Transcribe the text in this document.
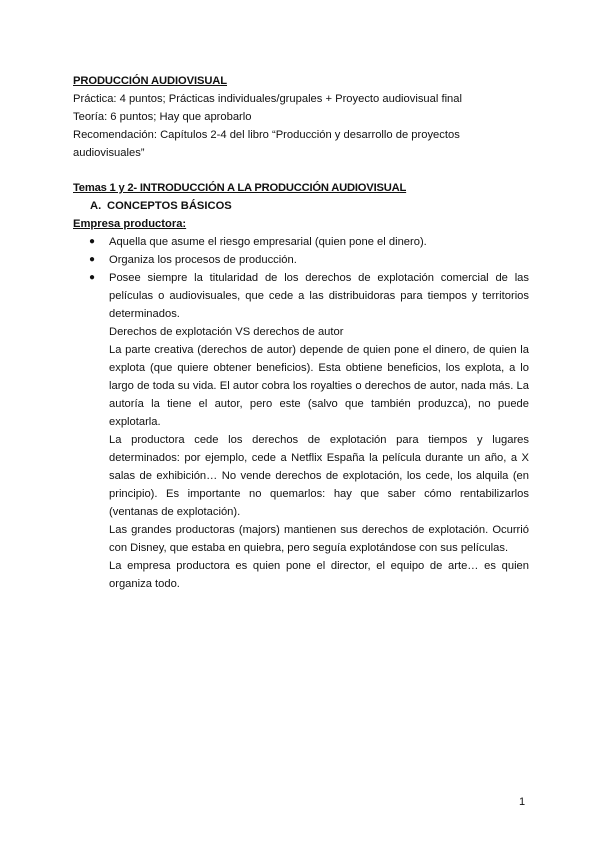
PRODUCCIÓN AUDIOVISUAL

Práctica: 4 puntos; Prácticas individuales/grupales + Proyecto audiovisual final

Teoría: 6 puntos; Hay que aprobarlo

Recomendación: Capítulos 2-4 del libro “Producción y desarrollo de proyectos audiovisuales”

Temas 1 y 2- INTRODUCCIÓN A LA PRODUCCIÓN AUDIOVISUAL

A. CONCEPTOS BÁSICOS

Empresa productora:

● Aquella que asume el riesgo empresarial (quien pone el dinero).
● Organiza los procesos de producción.
● Posee siempre la titularidad de los derechos de explotación comercial de las películas o audiovisuales, que cede a las distribuidoras para tiempos y territorios determinados.

Derechos de explotación VS derechos de autor

La parte creativa (derechos de autor) depende de quien pone el dinero, de quien la explota (que quiere obtener beneficios). Esta obtiene beneficios, los explota, a lo largo de toda su vida. El autor cobra los royalties o derechos de autor, nada más. La autoría la tiene el autor, pero este (salvo que también produzca), no puede explotarla.

La productora cede los derechos de explotación para tiempos y lugares determinados: por ejemplo, cede a Netflix España la película durante un año, a X salas de exhibición… No vende derechos de explotación, los cede, los alquila (en principio). Es importante no quemarlos: hay que saber cómo rentabilizarlos (ventanas de explotación).

Las grandes productoras (majors) mantienen sus derechos de explotación. Ocurrió con Disney, que estaba en quiebra, pero seguía explotándose con sus películas.

La empresa productora es quien pone el director, el equipo de arte… es quien organiza todo.

1
